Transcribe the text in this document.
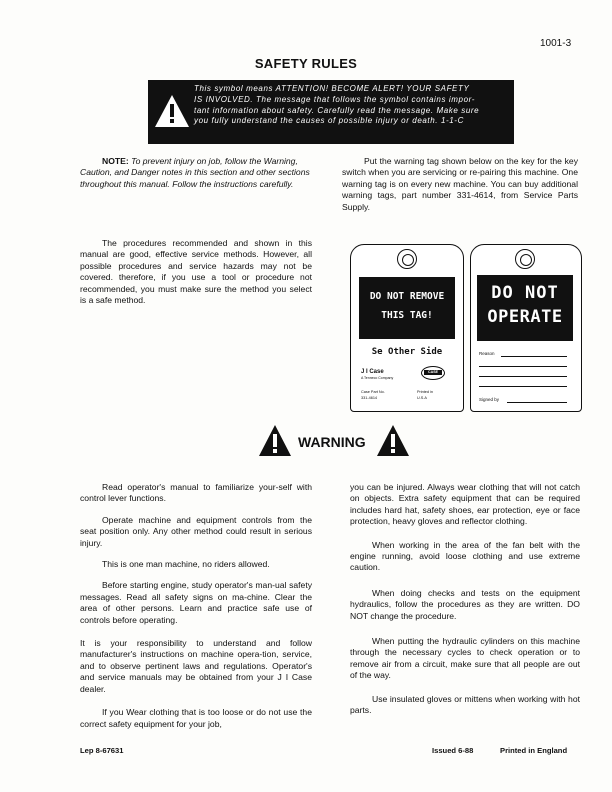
1001-3
SAFETY RULES
This symbol means ATTENTION! BECOME ALERT! YOUR SAFETY
IS INVOLVED. The message that follows the symbol contains impor-
tant information about safety. Carefully read the message. Make sure
you fully understand the causes of possible injury or death. 1-1-C
NOTE: To prevent injury on job, follow the Warning, Caution, and Danger notes in this section and other sections throughout this manual. Follow the instructions carefully.
The procedures recommended and shown in this manual are good, effective service methods. However, all possible procedures and service hazards may not be covered. therefore, if you use a tool or procedure not recommended, you must make sure the method you select is a safe method.
Put the warning tag shown below on the key for the key switch when you are servicing or re-pairing this machine. One warning tag is on every new machine. You can buy additional warning tags, part number 331-4614, from Service Parts Supply.
DO NOT REMOVE
THIS TAG!
Se Other Side
J I Case
A Tenneco Company
CASE
Case Part No.
331-4614
Printed in
U.S.A
DO NOT
OPERATE
Reason
Signed by
WARNING

Read operator's manual to familiarize your-self with control lever functions.

Operate machine and equipment controls from the seat position only. Any other method could result in serious injury.

This is one man machine, no riders allowed.

Before starting engine, study operator's man-ual safety messages. Read all safety signs on ma-chine. Clear the area of other persons. Learn and practice safe use of controls before operating.

It is your responsibility to understand and follow manufacturer's instructions on machine opera-tion, service, and to observe pertinent laws and regulations. Operator's and service manuals may be obtained from your J I Case dealer.

If you Wear clothing that is too loose or do not use the correct safety equipment for your job,

you can be injured. Always wear clothing that will not catch on objects. Extra safety equipment that can be required includes hard hat, safety shoes, ear protection, eye or face protection, heavy gloves and reflector clothing.

When working in the area of the fan belt with the engine running, avoid loose clothing and use extreme caution.

When doing checks and tests on the equipment hydraulics, follow the procedures as they are written. DO NOT change the procedure.

When putting the hydraulic cylinders on this machine through the necessary cycles to check operation or to remove air from a circuit, make sure that all people are out of the way.

Use insulated gloves or mittens when working with hot parts.

Lep 8-67631	Issued 6-88	Printed in England
